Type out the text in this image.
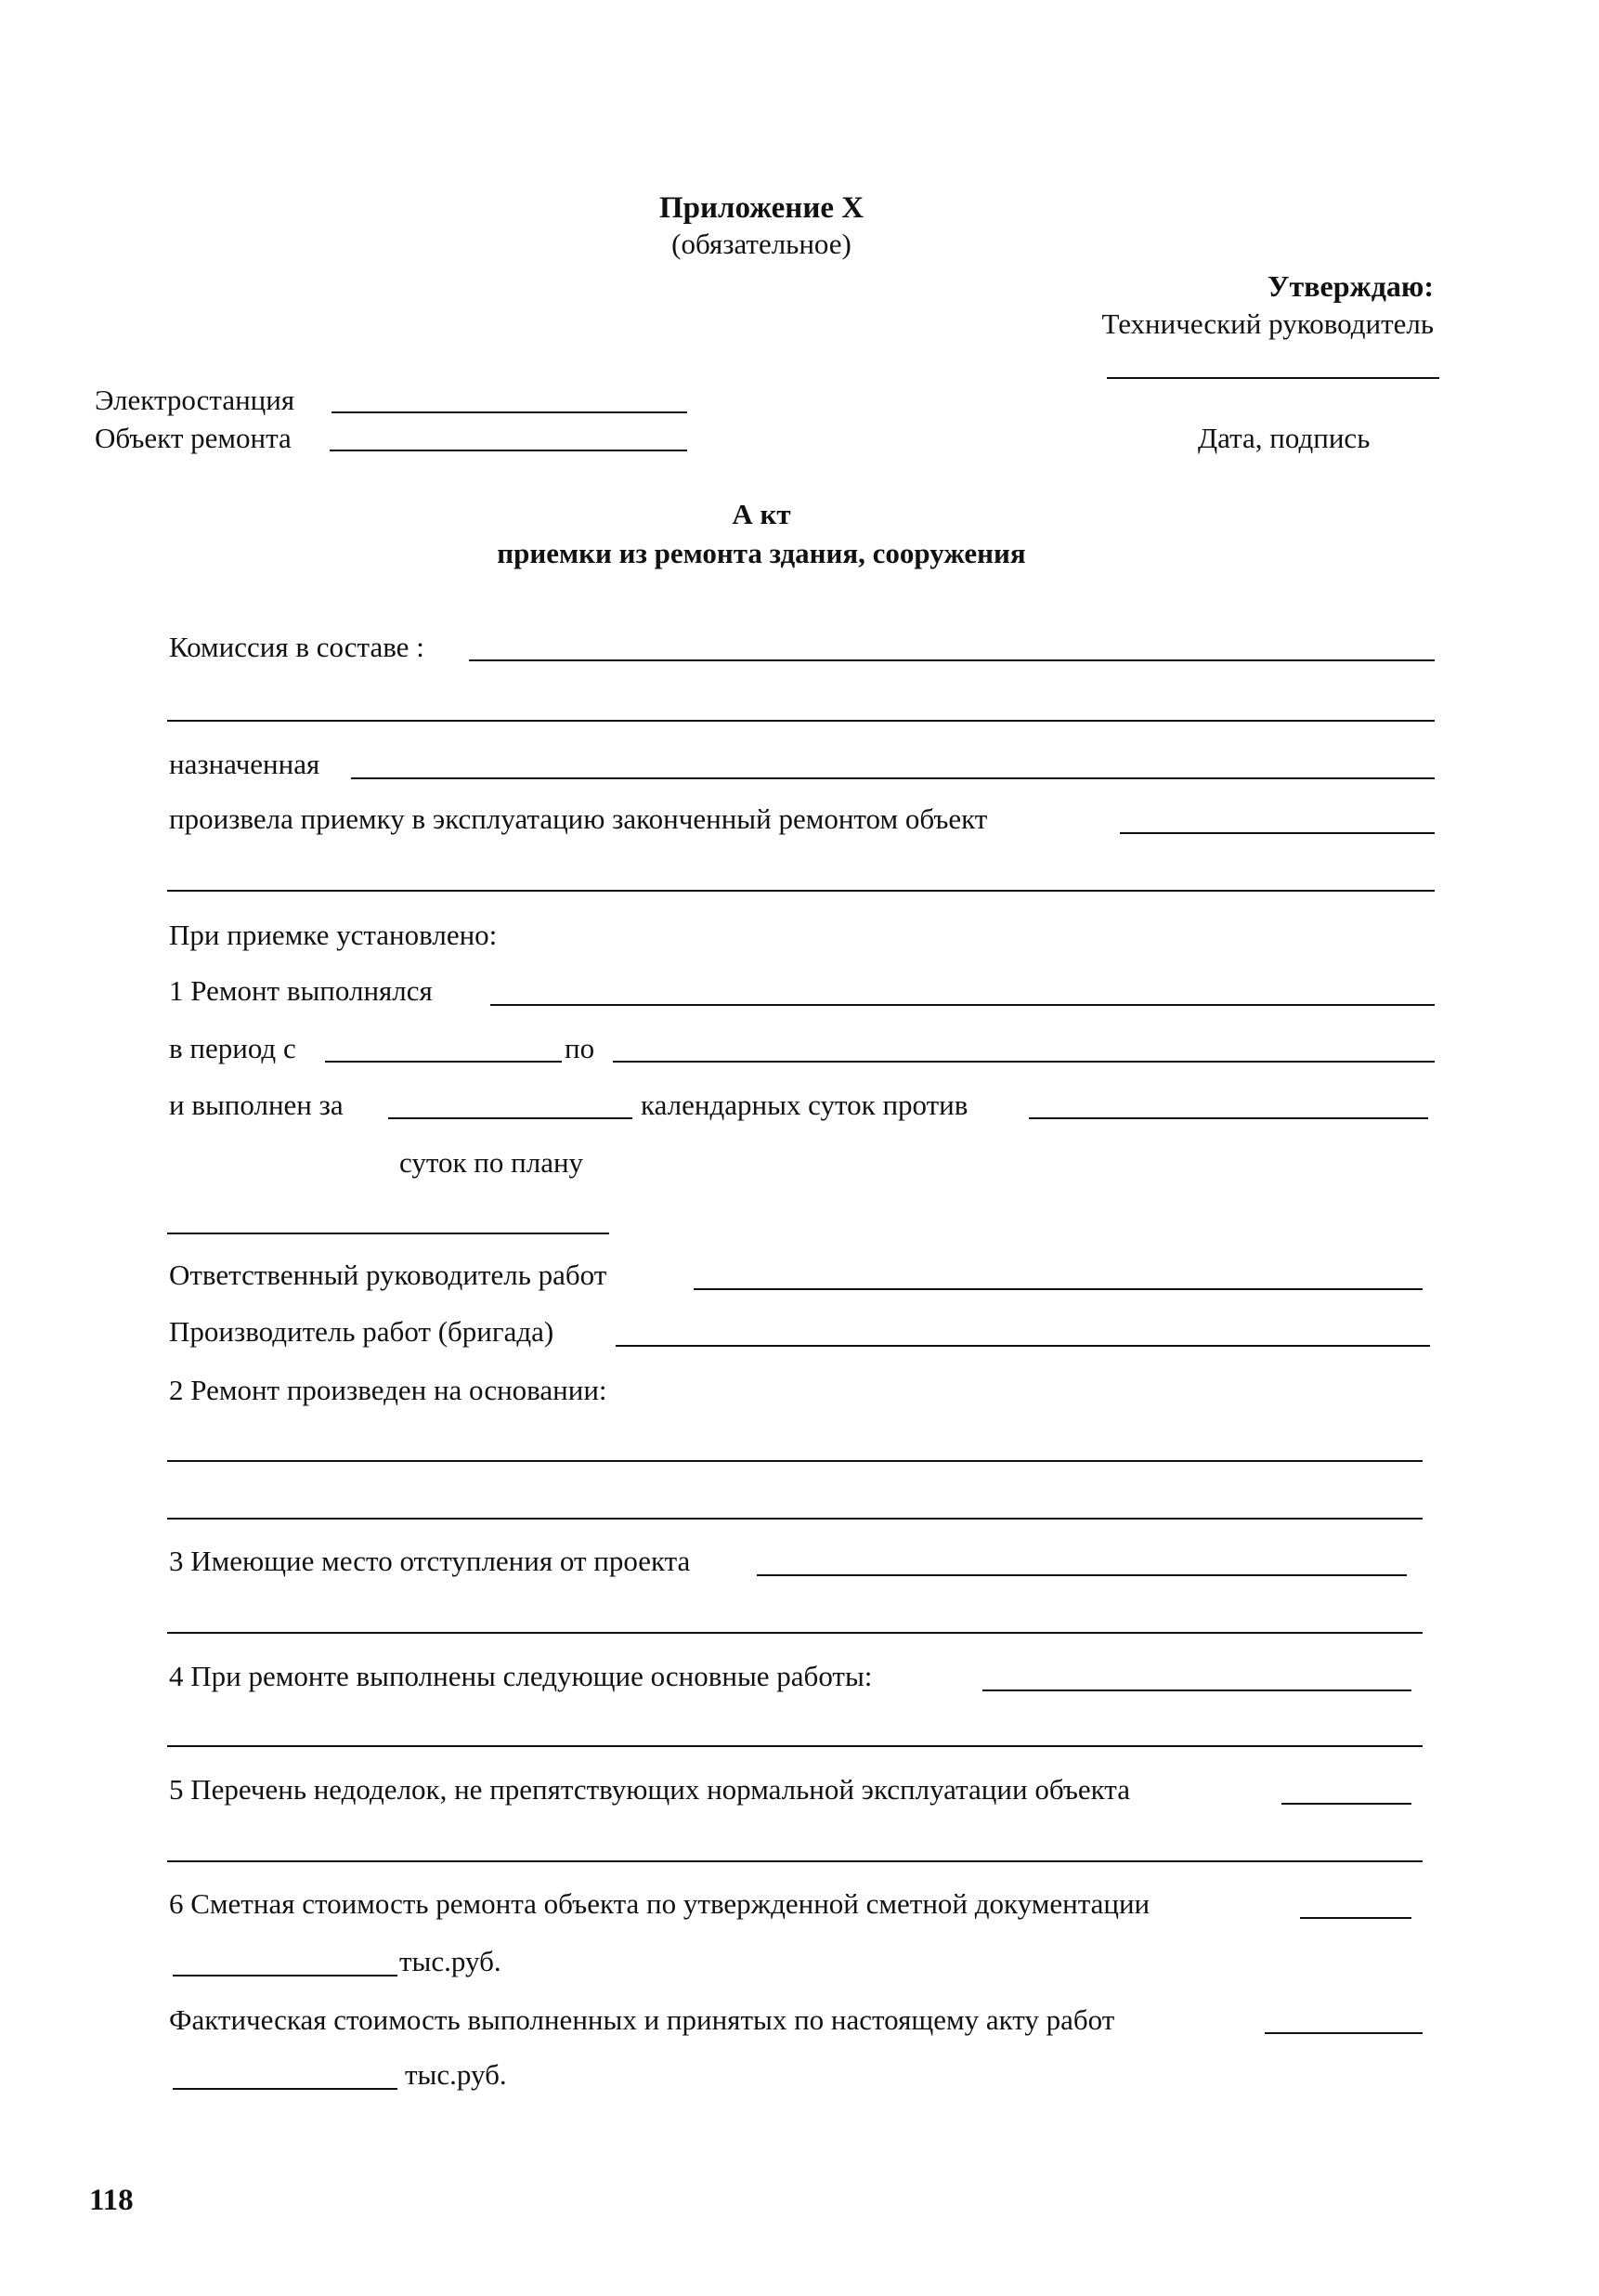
Приложение X
(обязательное)
Утверждаю:
Технический руководитель
Дата, подпись
Электростанция
Объект ремонта
А кт
приемки из ремонта здания, сооружения
Комиссия в составе :
назначенная
произвела приемку в эксплуатацию законченный ремонтом объект
При приемке установлено:
1 Ремонт выполнялся
в период с	по
и выполнен за	календарных суток против
суток по плану
Ответственный руководитель работ
Производитель работ (бригада)
2 Ремонт произведен на основании:
3 Имеющие место отступления от проекта
4 При ремонте выполнены следующие основные работы:
5 Перечень недоделок, не препятствующих нормальной эксплуатации объекта
6 Сметная стоимость ремонта объекта по утвержденной сметной документации
тыс.руб.
Фактическая стоимость выполненных и принятых по настоящему акту работ
тыс.руб.
118
